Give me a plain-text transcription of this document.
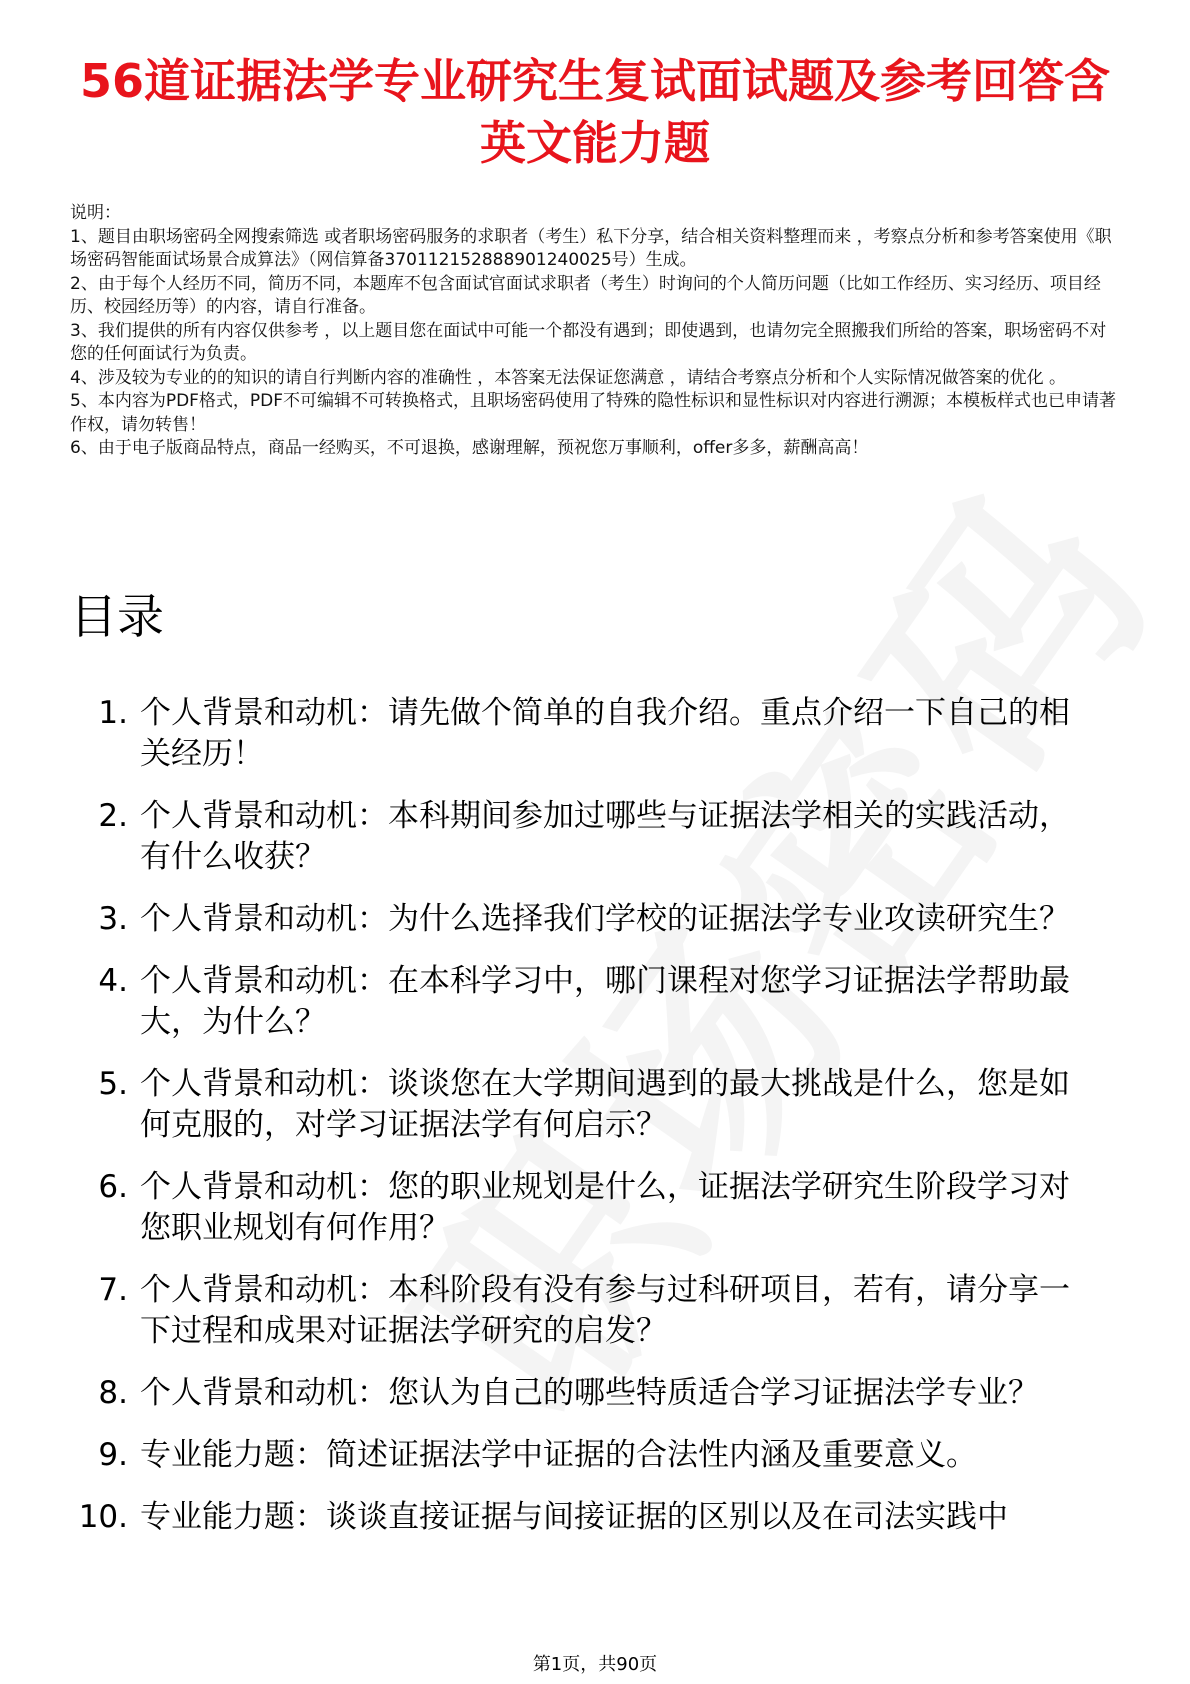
56道证据法学专业研究生复试面试题及参考回答含英文能力题
说明：
1、题目由职场密码全网搜索筛选 或者职场密码服务的求职者（考生）私下分享，结合相关资料整理而来 ，考察点分析和参考答案使用《职场密码智能面试场景合成算法》（网信算备370112152888901240025号）生成。
2、由于每个人经历不同，简历不同，本题库不包含面试官面试求职者（考生）时询问的个人简历问题（比如工作经历、实习经历、项目经历、校园经历等）的内容，请自行准备。
3、我们提供的所有内容仅供参考 ，以上题目您在面试中可能一个都没有遇到；即使遇到，也请勿完全照搬我们所给的答案，职场密码不对您的任何面试行为负责。
4、涉及较为专业的的知识的请自行判断内容的准确性 ，本答案无法保证您满意 ，请结合考察点分析和个人实际情况做答案的优化 。
5、本内容为PDF格式，PDF不可编辑不可转换格式，且职场密码使用了特殊的隐性标识和显性标识对内容进行溯源；本模板样式也已申请著作权，请勿转售！
6、由于电子版商品特点，商品一经购买，不可退换，感谢理解，预祝您万事顺利，offer多多，薪酬高高！
目录
1. 个人背景和动机：请先做个简单的自我介绍。重点介绍一下自己的相关经历！
2. 个人背景和动机：本科期间参加过哪些与证据法学相关的实践活动，有什么收获？
3. 个人背景和动机：为什么选择我们学校的证据法学专业攻读研究生？
4. 个人背景和动机：在本科学习中，哪门课程对您学习证据法学帮助最大，为什么？
5. 个人背景和动机：谈谈您在大学期间遇到的最大挑战是什么，您是如何克服的，对学习证据法学有何启示？
6. 个人背景和动机：您的职业规划是什么，证据法学研究生阶段学习对您职业规划有何作用？
7. 个人背景和动机：本科阶段有没有参与过科研项目，若有，请分享一下过程和成果对证据法学研究的启发？
8. 个人背景和动机：您认为自己的哪些特质适合学习证据法学专业？
9. 专业能力题：简述证据法学中证据的合法性内涵及重要意义。
10. 专业能力题：谈谈直接证据与间接证据的区别以及在司法实践中
第1页，共90页
